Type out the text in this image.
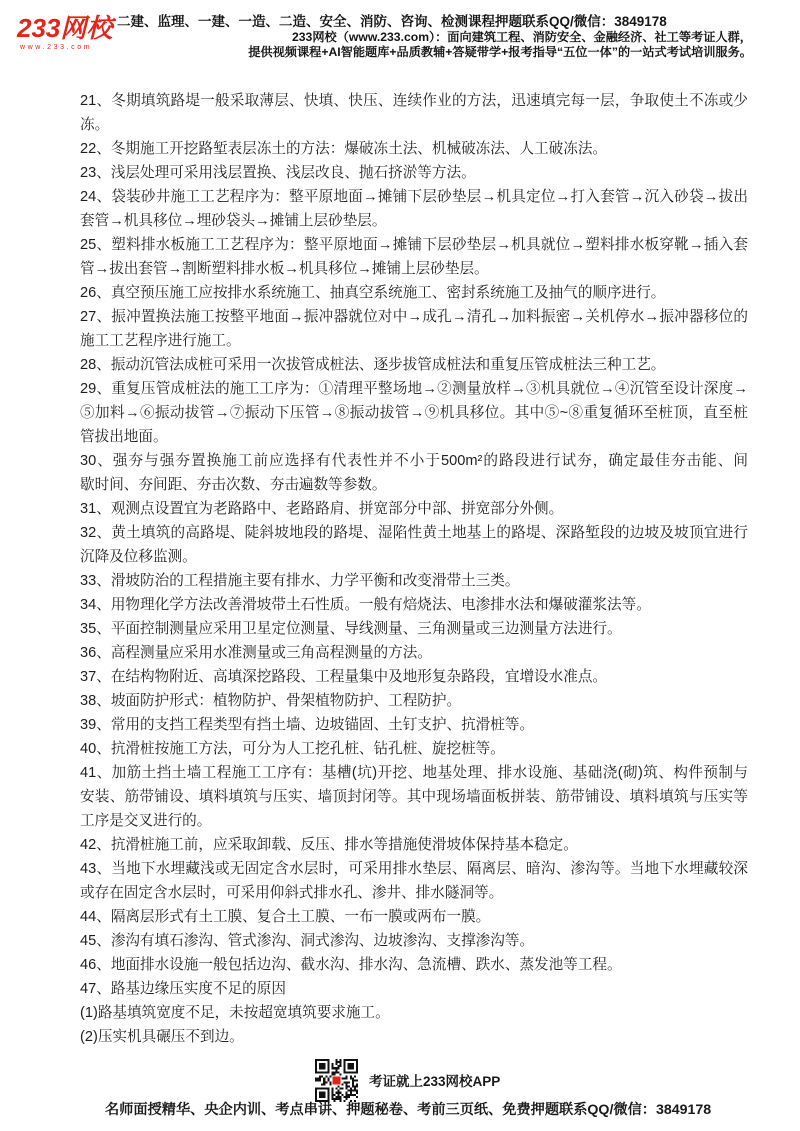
233网校
www.233.com
二建、监理、一建、一造、二造、安全、消防、咨询、检测课程押题联系QQ/微信：3849178
233网校（www.233.com）：面向建筑工程、消防安全、金融经济、社工等考证人群，
提供视频课程+AI智能题库+品质教辅+答疑带学+报考指导“五位一体”的一站式考试培训服务。
21、冬期填筑路堤一般采取薄层、快填、快压、连续作业的方法，迅速填完每一层，争取使土不冻或少
冻。
22、冬期施工开挖路堑表层冻土的方法：爆破冻土法、机械破冻法、人工破冻法。
23、浅层处理可采用浅层置换、浅层改良、抛石挤淤等方法。
24、袋装砂井施工工艺程序为：整平原地面→摊铺下层砂垫层→机具定位→打入套管→沉入砂袋→拔出
套管→机具移位→埋砂袋头→摊铺上层砂垫层。
25、塑料排水板施工工艺程序为：整平原地面→摊铺下层砂垫层→机具就位→塑料排水板穿靴→插入套
管→拔出套管→割断塑料排水板→机具移位→摊铺上层砂垫层。
26、真空预压施工应按排水系统施工、抽真空系统施工、密封系统施工及抽气的顺序进行。
27、振冲置换法施工按整平地面→振冲器就位对中→成孔→清孔→加料振密→关机停水→振冲器移位的
施工工艺程序进行施工。
28、振动沉管法成桩可采用一次拔管成桩法、逐步拔管成桩法和重复压管成桩法三种工艺。
29、重复压管成桩法的施工工序为：①清理平整场地→②测量放样→③机具就位→④沉管至设计深度→
⑤加料→⑥振动拔管→⑦振动下压管→⑧振动拔管→⑨机具移位。其中⑤~⑧重复循环至桩顶，直至桩
管拔出地面。
30、强夯与强夯置换施工前应选择有代表性并不小于500m²的路段进行试夯，确定最佳夯击能、间
歇时间、夯间距、夯击次数、夯击遍数等参数。
31、观测点设置宜为老路路中、老路路肩、拼宽部分中部、拼宽部分外侧。
32、黄土填筑的高路堤、陡斜坡地段的路堤、湿陷性黄土地基上的路堤、深路堑段的边坡及坡顶宜进行
沉降及位移监测。
33、滑坡防治的工程措施主要有排水、力学平衡和改变滑带土三类。
34、用物理化学方法改善滑坡带土石性质。一般有焙烧法、电渗排水法和爆破灌浆法等。
35、平面控制测量应采用卫星定位测量、导线测量、三角测量或三边测量方法进行。
36、高程测量应采用水准测量或三角高程测量的方法。
37、在结构物附近、高填深挖路段、工程量集中及地形复杂路段，宜增设水准点。
38、坡面防护形式：植物防护、骨架植物防护、工程防护。
39、常用的支挡工程类型有挡土墙、边坡锚固、土钉支护、抗滑桩等。
40、抗滑桩按施工方法，可分为人工挖孔桩、钻孔桩、旋挖桩等。
41、加筋土挡土墙工程施工工序有：基槽(坑)开挖、地基处理、排水设施、基础浇(砌)筑、构件预制与
安装、筋带铺设、填料填筑与压实、墙顶封闭等。其中现场墙面板拼装、筋带铺设、填料填筑与压实等
工序是交叉进行的。
42、抗滑桩施工前，应采取卸载、反压、排水等措施使滑坡体保持基本稳定。
43、当地下水埋藏浅或无固定含水层时，可采用排水垫层、隔离层、暗沟、渗沟等。当地下水埋藏较深
或存在固定含水层时，可采用仰斜式排水孔、渗井、排水隧洞等。
44、隔离层形式有土工膜、复合土工膜、一布一膜或两布一膜。
45、渗沟有填石渗沟、管式渗沟、洞式渗沟、边坡渗沟、支撑渗沟等。
46、地面排水设施一般包括边沟、截水沟、排水沟、急流槽、跌水、蒸发池等工程。
47、路基边缘压实度不足的原因
(1)路基填筑宽度不足，未按超宽填筑要求施工。
(2)压实机具碾压不到边。
考证就上233网校APP
名师面授精华、央企内训、考点串讲、押题秘卷、考前三页纸、免费押题联系QQ/微信：3849178
